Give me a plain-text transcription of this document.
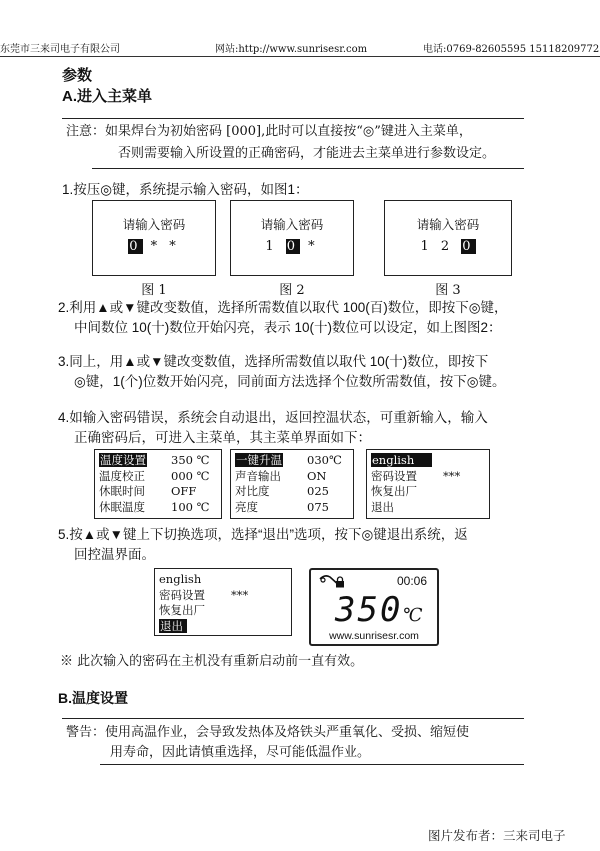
东莞市三来司电子有限公司	网站:http://www.sunrisesr.com	电话:0769-82605595 15118209772
参数
A.进入主菜单
注意：如果焊台为初始密码 [000],此时可以直接按“◎”键进入主菜单，
否则需要输入所设置的正确密码，才能进去主菜单进行参数设定。
1.按压◎键，系统提示输入密码，如图1：
请输入密码
0 * *
请输入密码
1 0 *
请输入密码
1 2 0
图 1	图 2	图 3
2.利用▲或▼键改变数值，选择所需数值以取代 100(百)数位，即按下◎键，
中间数位 10(十)数位开始闪亮，表示 10(十)数位可以设定，如上图图2：
3.同上，用▲或▼键改变数值，选择所需数值以取代 10(十)数位，即按下
◎键，1(个)位数开始闪亮，同前面方法选择个位数所需数值，按下◎键。
4.如输入密码错误，系统会自动退出，返回控温状态，可重新输入，输入
正确密码后，可进入主菜单，其主菜单界面如下：
温度设置 350 ℃
温度校正 000 ℃
休眠时间 OFF
休眠温度 100 ℃
一键升温 030℃
声音输出 ON
对比度	025
亮度	075
english
密码设置 ***
恢复出厂
退出
5.按▲或▼键上下切换选项，选择“退出”选项，按下◎键退出系统，返
回控温界面。
english
密码设置 ***
恢复出厂
退出
00:06
350℃
www.sunrisesr.com
※ 此次输入的密码在主机没有重新启动前一直有效。
B.温度设置
警告：使用高温作业，会导致发热体及烙铁头严重氧化、受损、缩短使
用寿命，因此请慎重选择，尽可能低温作业。
图片发布者：三来司电子
